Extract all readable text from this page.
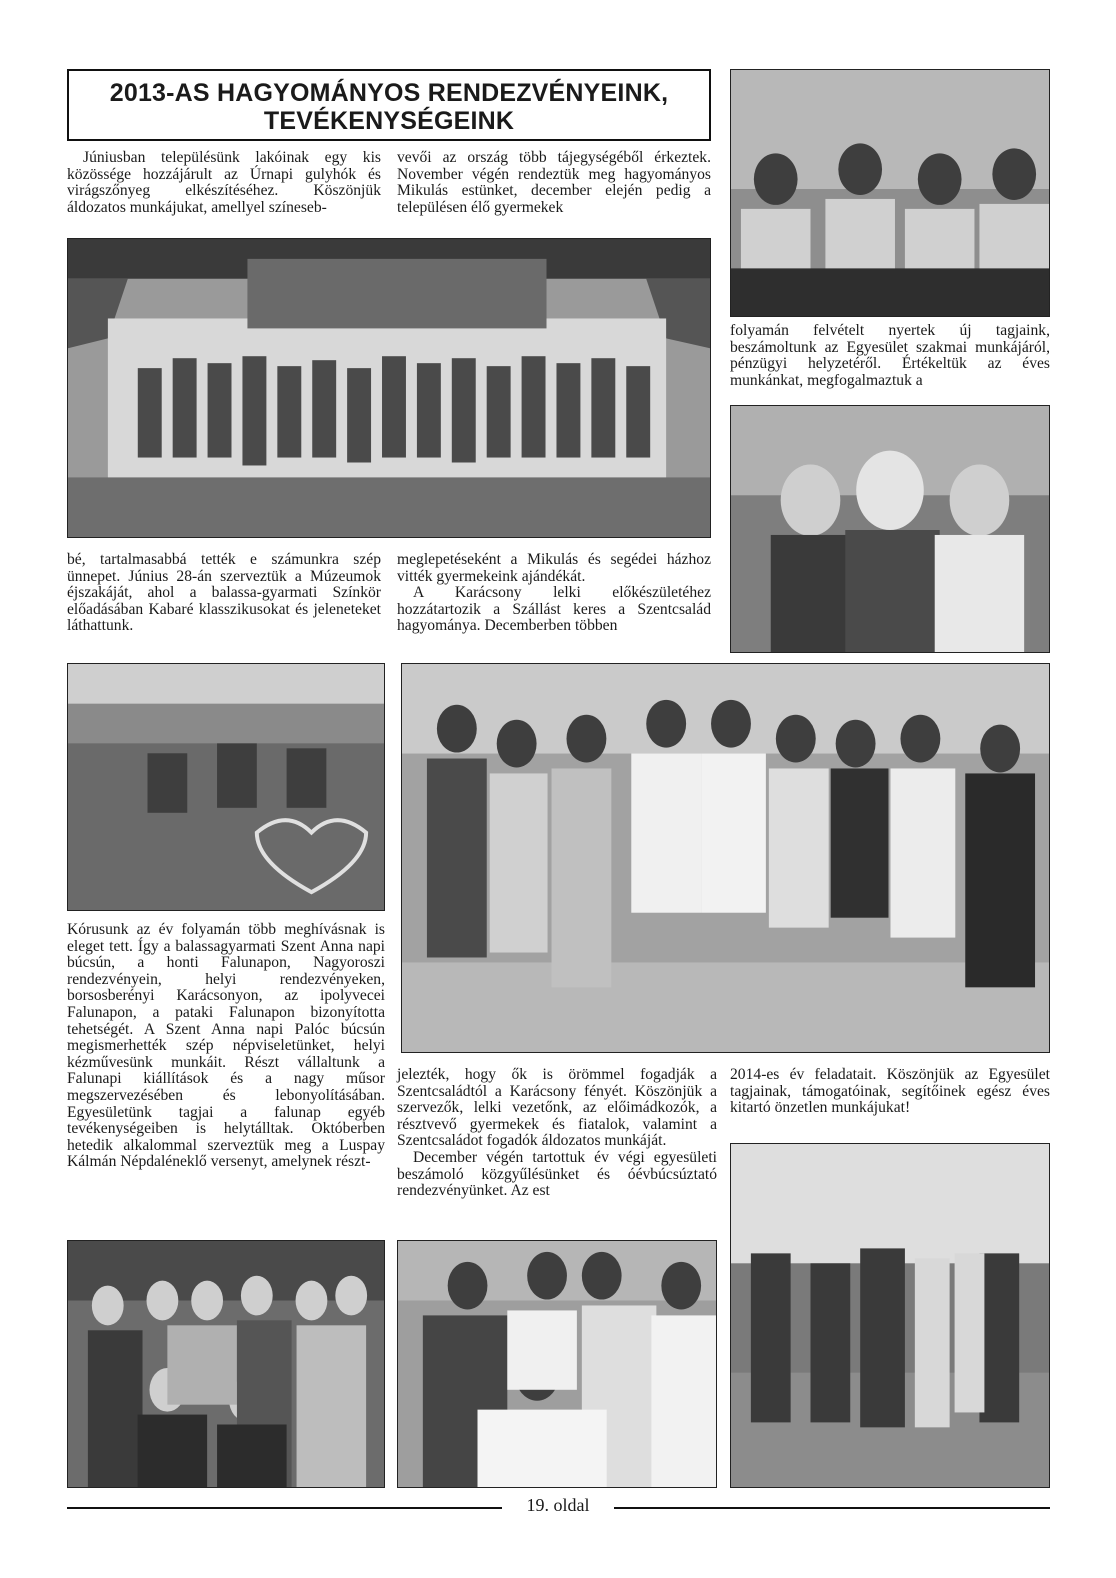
2013-AS HAGYOMÁNYOS RENDEZVÉNYEINK,
TEVÉKENYSÉGEINK

Júniusban településünk lakóinak egy kis közössége hozzájárult az Úrnapi gulyhók és virágszőnyeg elkészítéséhez. Köszönjük áldozatos munkájukat, amellyel színeseb-

vevői az ország több tájegységéből érkeztek. November végén rendeztük meg hagyományos Mikulás estünket, december elején pedig a településen élő gyermekek

bé, tartalmasabbá tették e számunkra szép ünnepet. Június 28-án szerveztük a Múzeumok éjszakáját, ahol a balassa-gyarmati Színkör előadásában Kabaré klasszikusokat és jeleneteket láthattunk.

meglepetéseként a Mikulás és segédei házhoz vitték gyermekeink ajándékát.

A Karácsony lelki előkészületéhez hozzátartozik a Szállást keres a Szentcsalád hagyománya. Decemberben többen

folyamán felvételt nyertek új tagjaink, beszámoltunk az Egyesület szakmai munkájáról, pénzügyi helyzetéről. Értékeltük az éves munkánkat, megfogalmaztuk a

Kórusunk az év folyamán több meghívásnak is eleget tett. Így a balassagyarmati Szent Anna napi búcsún, a honti Falunapon, Nagyoroszi rendezvényein, helyi rendezvényeken, borsosberényi Karácsonyon, az ipolyvecei Falunapon, a pataki Falunapon bizonyította tehetségét. A Szent Anna napi Palóc búcsún megismerhették szép népviseletünket, helyi kézművesünk munkáit. Részt vállaltunk a Falunapi kiállítások és a nagy műsor megszervezésében és lebonyolításában. Egyesületünk tagjai a falunap egyéb tevékenységeiben is helytálltak. Októberben hetedik alkalommal szerveztük meg a Luspay Kálmán Népdaléneklő versenyt, amelynek részt-

jelezték, hogy ők is örömmel fogadják a Szentcsaládtól a Karácsony fényét. Köszönjük a szervezők, lelki vezetőnk, az előimádkozók, a résztvevő gyermekek és fiatalok, valamint a Szentcsaládot fogadók áldozatos munkáját.

December végén tartottuk év végi egyesületi beszámoló közgyűlésünket és óévbúcsúztató rendezvényünket. Az est

2014-es év feladatait. Köszönjük az Egyesület tagjainak, támogatóinak, segítőinek egész éves kitartó önzetlen munkájukat!

19. oldal
